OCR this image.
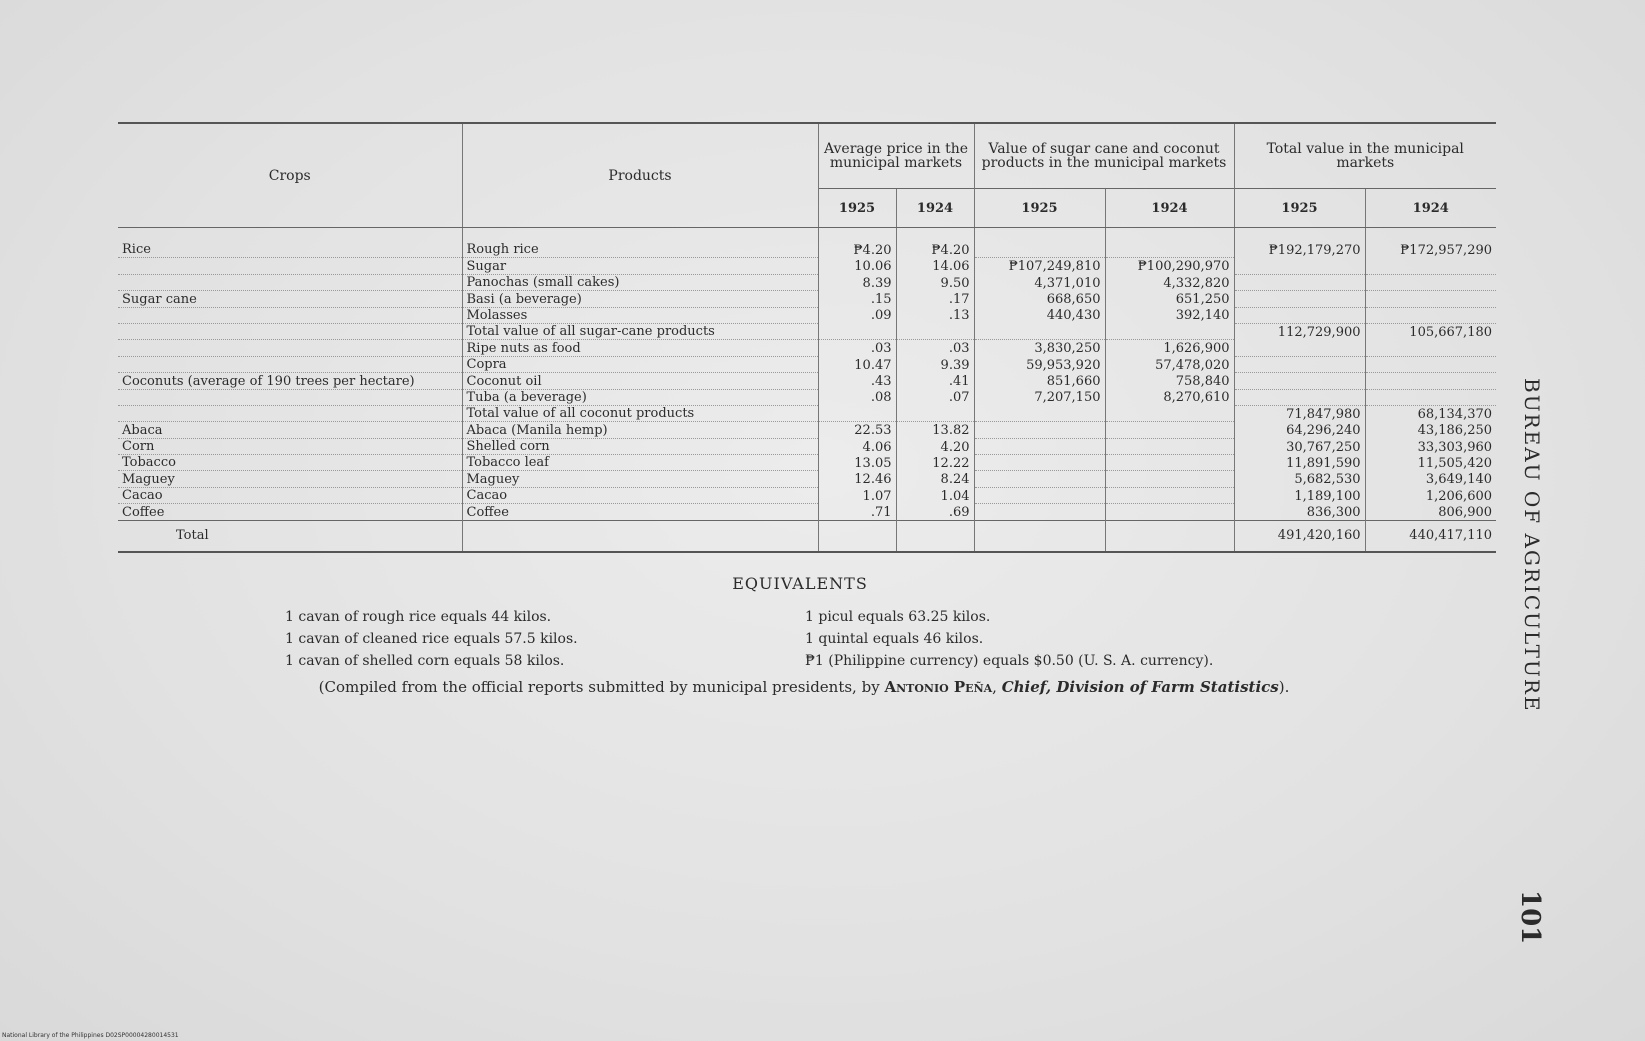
Crops	Products	Average price in the municipal markets		Value of sugar cane and coconut products in the municipal markets		Total value in the municipal markets	
		1925	1924	1925	1924	1925	1924
Rice	Rough rice	₱4.20	₱4.20			₱192,179,270	₱172,957,290
	Sugar	10.06	14.06	₱107,249,810	₱100,290,970		
	Panochas (small cakes)	8.39	9.50	4,371,010	4,332,820		
Sugar cane	Basi (a beverage)	.15	.17	668,650	651,250		
	Molasses	.09	.13	440,430	392,140		
	Total value of all sugar-cane products					112,729,900	105,667,180
	Ripe nuts as food	.03	.03	3,830,250	1,626,900		
	Copra	10.47	9.39	59,953,920	57,478,020		
Coconuts (average of 190 trees per hectare)	Coconut oil	.43	.41	851,660	758,840		
	Tuba (a beverage)	.08	.07	7,207,150	8,270,610		
	Total value of all coconut products					71,847,980	68,134,370
Abaca	Abaca (Manila hemp)	22.53	13.82			64,296,240	43,186,250
Corn	Shelled corn	4.06	4.20			30,767,250	33,303,960
Tobacco	Tobacco leaf	13.05	12.22			11,891,590	11,505,420
Maguey	Maguey	12.46	8.24			5,682,530	3,649,140
Cacao	Cacao	1.07	1.04			1,189,100	1,206,600
Coffee	Coffee	.71	.69			836,300	806,900
Total						491,420,160	440,417,110
EQUIVALENTS
1 cavan of rough rice equals 44 kilos.
1 cavan of cleaned rice equals 57.5 kilos.
1 cavan of shelled corn equals 58 kilos.
1 picul equals 63.25 kilos.
1 quintal equals 46 kilos.
₱1 (Philippine currency) equals $0.50 (U. S. A. currency).
(Compiled from the official reports submitted by municipal presidents, by Antonio Peña, Chief, Division of Farm Statistics).	BUREAU OF AGRICULTURE
101
National Library of the Philippines D02SP00004280014531
